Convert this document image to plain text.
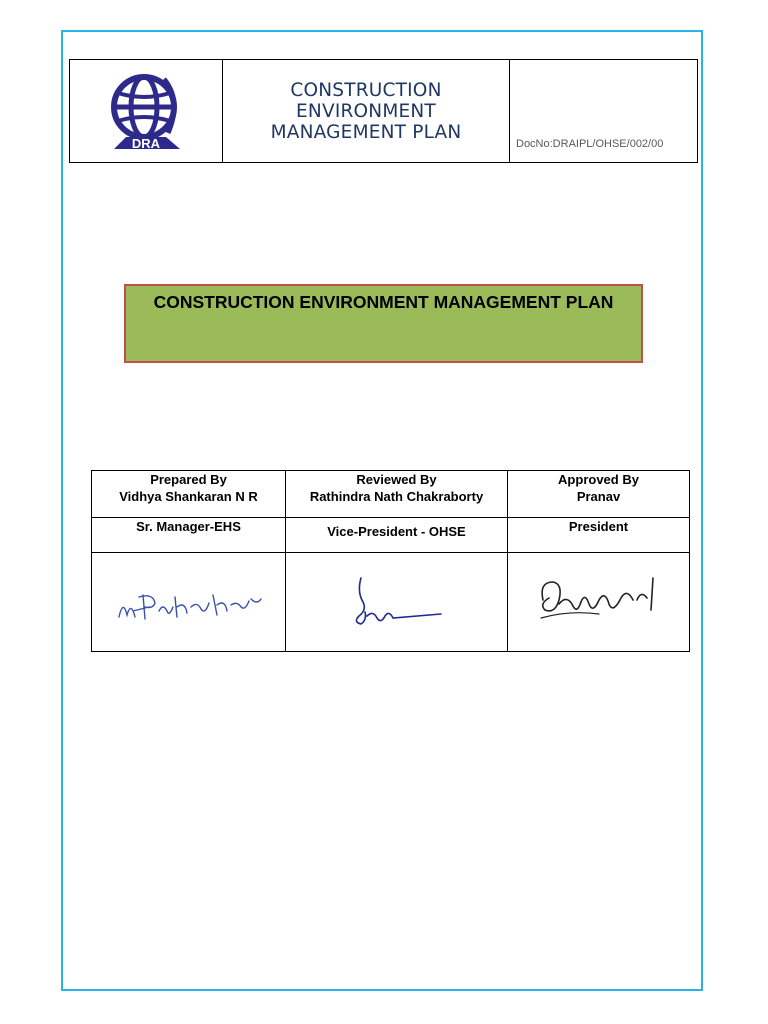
DRA

CONSTRUCTION ENVIRONMENT MANAGEMENT PLAN

DocNo:DRAIPL/OHSE/002/00
CONSTRUCTION ENVIRONMENT MANAGEMENT PLAN
Prepared By	Reviewed By	Approved By
Vidhya Shankaran N R	Rathindra Nath Chakraborty	Pranav
Sr. Manager-EHS	Vice-President - OHSE	President
